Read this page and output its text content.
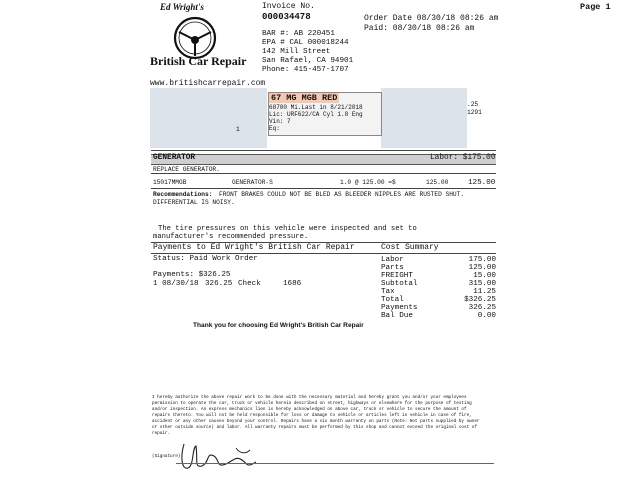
Ed Wright's
British Car Repair
www.britishcarrepair.com
Invoice No.
000034478
BAR #: AB 220451
EPA # CAL 000018244
142 Mill Street
San Rafael, CA 94901
Phone: 415-457-1707
Page 1
Order Date 08/30/18 08:26 am
Paid: 08/30/18 08:26 am
1
.25
1291
67 MG MGB RED
68700 Mi.Last in 8/21/2018
Lic: URF622/CA Cyl 1.8 Eng
Vin: 7
Eq:
GENERATOR	Labor: $175.00
REPLACE GENERATOR.
15017MMGB	GENERATOR-S	1.0 @ 125.00 =$	125.00	125.00
Recommendations:	FRONT BRAKES COULD NOT BE BLED AS BLEEDER NIPPLES ARE RUSTED SHUT. DIFFERENTIAL IS NOISY.
The tire pressures on this vehicle were inspected and set to
manufacturer's recommended pressure.
Payments to Ed Wright's British Car Repair	Cost Summary
Status: Paid Work Order
Payments: $326.25
1 08/30/18 326.25 Check	1686
Labor	175.00
Parts	125.00
FREIGHT	15.00
Subtotal	315.00
Tax	11.25
Total	$326.25
Payments	326.25
Bal Due	0.00
Thank you for choosing Ed Wright's British Car Repair
I hereby authorize the above repair work to be done with the necessary material and hereby grant you and/or your employees
permission to operate the car, truck or vehicle herein described on street, highways or elsewhere for the purpose of testing
and/or inspection. An express mechanics lien is hereby acknowledged on above car, truck or vehicle to secure the amount of
repairs thereto. You will not be held responsible for loss or damage to vehicle or articles left in vehicle in case of fire,
accident or any other causes beyond your control. Repairs have a six month warranty on parts (Note: Not parts supplied by owner
or other outside source) and labor. All warranty repairs must be performed by this shop and cannot exceed the original cost of
repair.
(Signature)
